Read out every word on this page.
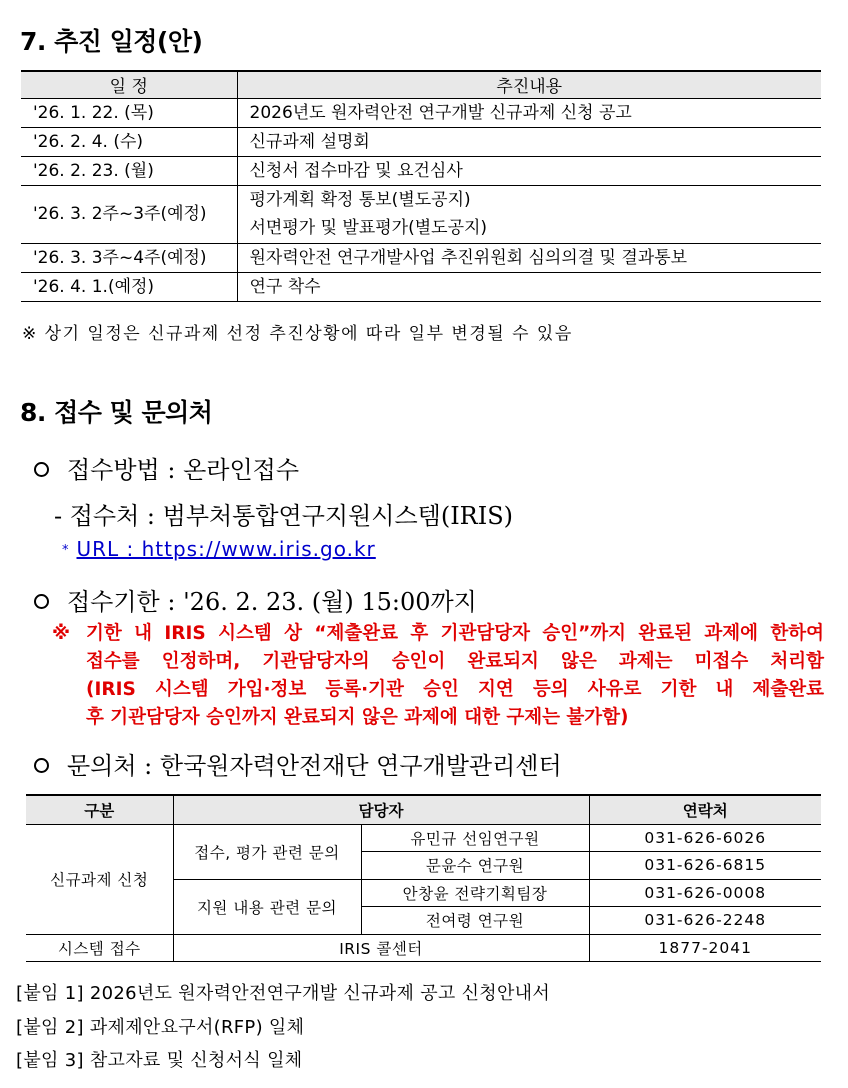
7. 추진 일정(안)
일 정	추진내용
'26. 1. 22. (목)	2026년도 원자력안전 연구개발 신규과제 신청 공고
'26. 2. 4. (수)	신규과제 설명회
'26. 2. 23. (월)	신청서 접수마감 및 요건심사
'26. 3. 2주~3주(예정)	평가계획 확정 통보(별도공지)
서면평가 및 발표평가(별도공지)

'26. 3. 3주~4주(예정)	원자력안전 연구개발사업 추진위원회 심의의결 및 결과통보
'26. 4. 1.(예정)	연구 착수
※ 상기 일정은 신규과제 선정 추진상황에 따라 일부 변경될 수 있음
8. 접수 및 문의처
접수방법 : 온라인접수
- 접수처 : 범부처통합연구지원시스템(IRIS)
* URL : https://www.iris.go.kr
접수기한 : '26. 2. 23. (월) 15:00까지
※ 기한 내 IRIS 시스템 상 “제출완료 후 기관담당자 승인”까지 완료된 과제에 한하여
접수를 인정하며, 기관담당자의 승인이 완료되지 않은 과제는 미접수 처리함
(IRIS 시스템 가입·정보 등록·기관 승인 지연 등의 사유로 기한 내 제출완료
후 기관담당자 승인까지 완료되지 않은 과제에 대한 구제는 불가함)
문의처 : 한국원자력안전재단 연구개발관리센터
구분	담당자		연락처
신규과제 신청	접수, 평가 관련 문의	유민규 선임연구원	031-626-6026
		문윤수 연구원	031-626-6815
	지원 내용 관련 문의	안창윤 전략기획팀장	031-626-0008
		전여령 연구원	031-626-2248
시스템 접수	IRIS 콜센터		1877-2041
[붙임 1] 2026년도 원자력안전연구개발 신규과제 공고 신청안내서
[붙임 2] 과제제안요구서(RFP) 일체
[붙임 3] 참고자료 및 신청서식 일체
